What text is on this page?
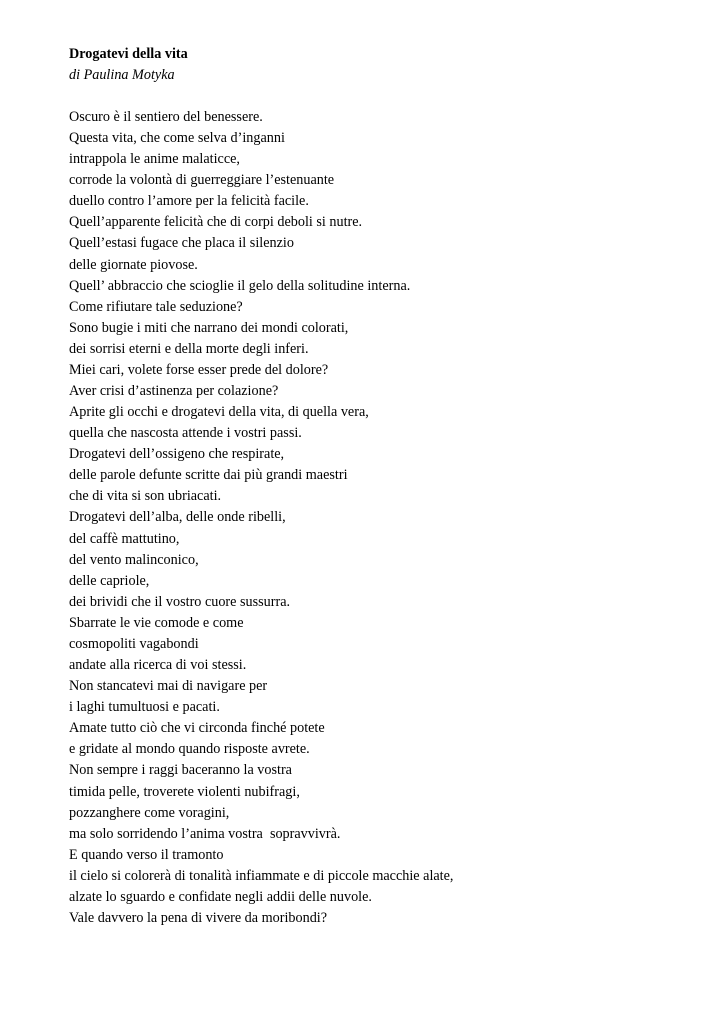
Drogatevi della vita
di Paulina Motyka
Oscuro è il sentiero del benessere.
Questa vita, che come selva d’inganni
intrappola le anime malaticce,
corrode la volontà di guerreggiare l’estenuante
duello contro l’amore per la felicità facile.
Quell’apparente felicità che di corpi deboli si nutre.
Quell’estasi fugace che placa il silenzio
delle giornate piovose.
Quell’ abbraccio che scioglie il gelo della solitudine interna.
Come rifiutare tale seduzione?
Sono bugie i miti che narrano dei mondi colorati,
dei sorrisi eterni e della morte degli inferi.
Miei cari, volete forse esser prede del dolore?
Aver crisi d’astinenza per colazione?
Aprite gli occhi e drogatevi della vita, di quella vera,
quella che nascosta attende i vostri passi.
Drogatevi dell’ossigeno che respirate,
delle parole defunte scritte dai più grandi maestri
che di vita si son ubriacati.
Drogatevi dell’alba, delle onde ribelli,
del caffè mattutino,
del vento malinconico,
delle capriole,
dei brividi che il vostro cuore sussurra.
Sbarrate le vie comode e come
cosmopoliti vagabondi
andate alla ricerca di voi stessi.
Non stancatevi mai di navigare per
i laghi tumultuosi e pacati.
Amate tutto ciò che vi circonda finché potete
e gridate al mondo quando risposte avrete.
Non sempre i raggi baceranno la vostra
timida pelle, troverete violenti nubifragi,
pozzanghere come voragini,
ma solo sorridendo l’anima vostra  sopravvivrà.
E quando verso il tramonto
il cielo si colorerà di tonalità infiammate e di piccole macchie alate,
alzate lo sguardo e confidate negli addii delle nuvole.
Vale davvero la pena di vivere da moribondi?
